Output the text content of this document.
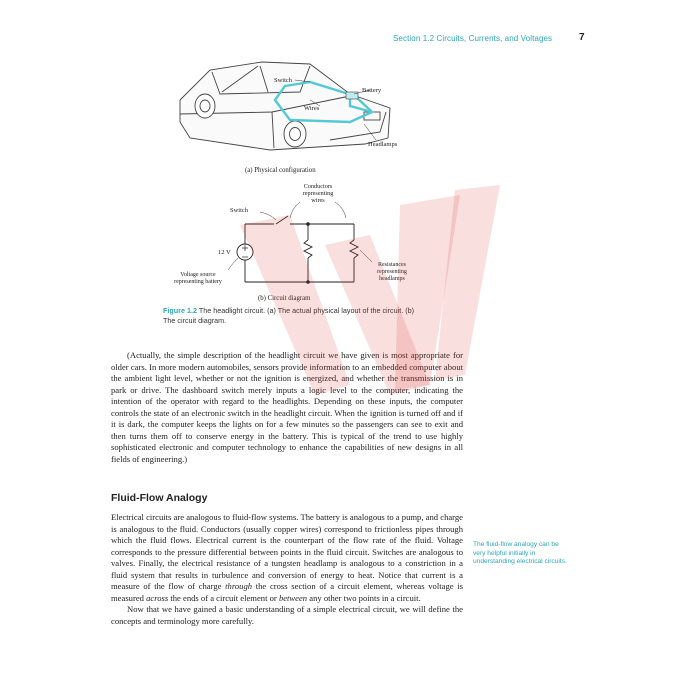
Section 1.2 Circuits, Currents, and Voltages	7
Switch
Battery
Wires
Headlamps
(a) Physical configuration
Switch
Conductors
representing
wires
12 V
Voltage source
representing battery
Resistances
representing
headlamps
(b) Circuit diagram
Figure 1.2 The headlight circuit. (a) The actual physical layout of the circuit. (b) The circuit diagram.

(Actually, the simple description of the headlight circuit we have given is most appropriate for older cars. In more modern automobiles, sensors provide information to an embedded computer about the ambient light level, whether or not the ignition is energized, and whether the transmission is in park or drive. The dashboard switch merely inputs a logic level to the computer, indicating the intention of the operator with regard to the headlights. Depending on these inputs, the computer controls the state of an electronic switch in the headlight circuit. When the ignition is turned off and if it is dark, the computer keeps the lights on for a few minutes so the passengers can see to exit and then turns them off to conserve energy in the battery. This is typical of the trend to use highly sophisticated electronic and computer technology to enhance the capabilities of new designs in all fields of engineering.)

Fluid-Flow Analogy

Electrical circuits are analogous to fluid-flow systems. The battery is analogous to a pump, and charge is analogous to the fluid. Conductors (usually copper wires) correspond to frictionless pipes through which the fluid flows. Electrical current is the counterpart of the flow rate of the fluid. Voltage corresponds to the pressure differential between points in the fluid circuit. Switches are analogous to valves. Finally, the electrical resistance of a tungsten headlamp is analogous to a constriction in a fluid system that results in turbulence and conversion of energy to heat. Notice that current is a measure of the flow of charge through the cross section of a circuit element, whereas voltage is measured across the ends of a circuit element or between any other two points in a circuit.

Now that we have gained a basic understanding of a simple electrical circuit, we will define the concepts and terminology more carefully.

The fluid-flow analogy can be very helpful initially in understanding electrical circuits.
